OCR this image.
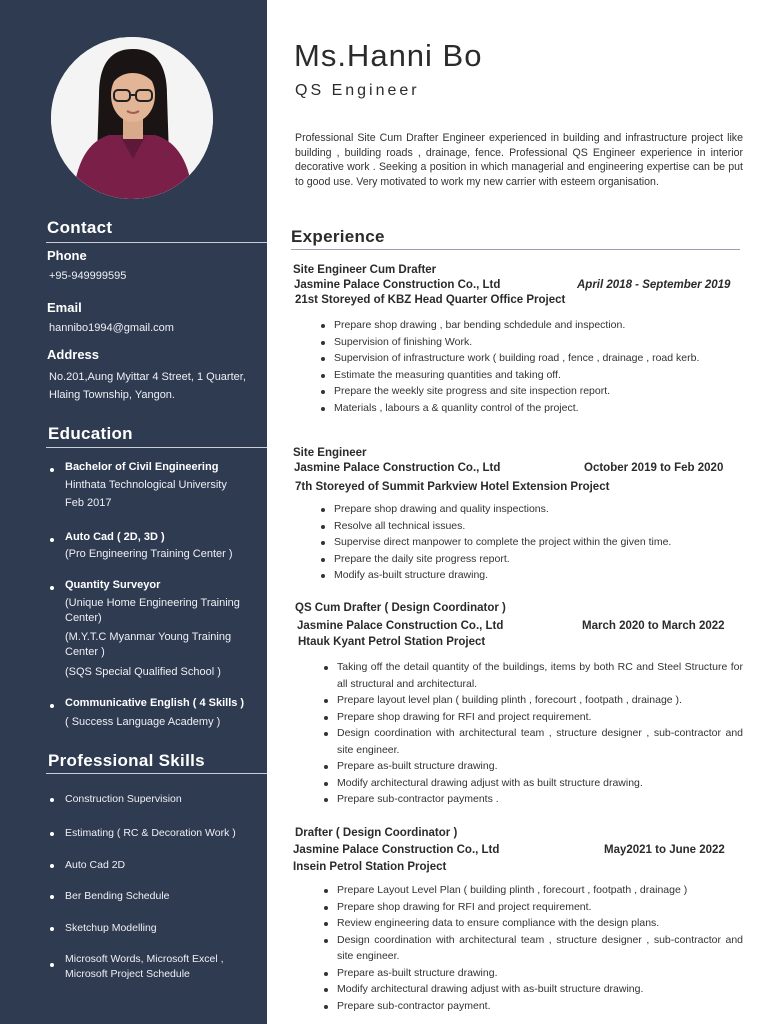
Contact
Phone
+95-949999595
Email
hannibo1994@gmail.com
Address
No.201,Aung Myittar 4 Street, 1 Quarter,
Hlaing Township, Yangon.
Education
Bachelor of Civil Engineering
Hinthata Technological University
Feb 2017
Auto Cad ( 2D, 3D )
(Pro Engineering Training Center )
Quantity Surveyor
(Unique Home Engineering Training
Center)
(M.Y.T.C Myanmar Young Training
Center )
(SQS Special Qualified School )
Communicative English ( 4 Skills )
( Success Language Academy )
Professional Skills
Construction Supervision
Estimating ( RC & Decoration Work )
Auto Cad 2D
Ber Bending Schedule
Sketchup Modelling
Microsoft Words, Microsoft Excel ,
Microsoft Project Schedule
Ms.Hanni Bo
QS Engineer
Professional Site Cum Drafter Engineer experienced in building and infrastructure project like building , building roads , drainage, fence. Professional QS Engineer experience in interior decorative work . Seeking a position in which managerial and engineering expertise can be put to good use. Very motivated to work my new carrier with esteem organisation.
Experience
Site Engineer Cum Drafter
Jasmine Palace Construction Co., Ltd	April 2018 - September 2019
21st Storeyed of KBZ Head Quarter Office Project
Prepare shop drawing , bar bending schdedule and inspection.
Supervision of finishing Work.
Supervision of infrastructure work ( building road , fence , drainage , road kerb.
Estimate the measuring quantities and taking off.
Prepare the weekly site progress and site inspection report.
Materials , labours a & quanlity control of the project.
Site Engineer
Jasmine Palace Construction Co., Ltd	October 2019 to Feb 2020
7th Storeyed of Summit Parkview Hotel Extension Project
Prepare shop drawing and quality inspections.
Resolve all technical issues.
Supervise direct manpower to complete the project within the given time.
Prepare the daily site progress report.
Modify as-built structure drawing.
QS Cum Drafter ( Design Coordinator )
Jasmine Palace Construction Co., Ltd	March 2020 to March 2022
Htauk Kyant Petrol Station Project
Taking off the detail quantity of the buildings, items by both RC and Steel Structure for all structural and architectural.
Prepare layout level plan ( building plinth , forecourt , footpath , drainage ).
Prepare shop drawing for RFI and project requirement.
Design coordination with architectural team , structure designer , sub-contractor and site engineer.
Prepare as-built structure drawing.
Modify architectural drawing adjust with as built structure drawing.
Prepare sub-contractor payments .
Drafter ( Design Coordinator )
Jasmine Palace Construction Co., Ltd	May2021 to June 2022
Insein Petrol Station Project
Prepare Layout Level Plan ( building plinth , forecourt , footpath , drainage )
Prepare shop drawing for RFI and project requirement.
Review engineering data to ensure compliance with the design plans.
Design coordination with architectural team , structure designer , sub-contractor and site engineer.
Prepare as-built structure drawing.
Modify architectural drawing adjust with as-built structure drawing.
Prepare sub-contractor payment.
